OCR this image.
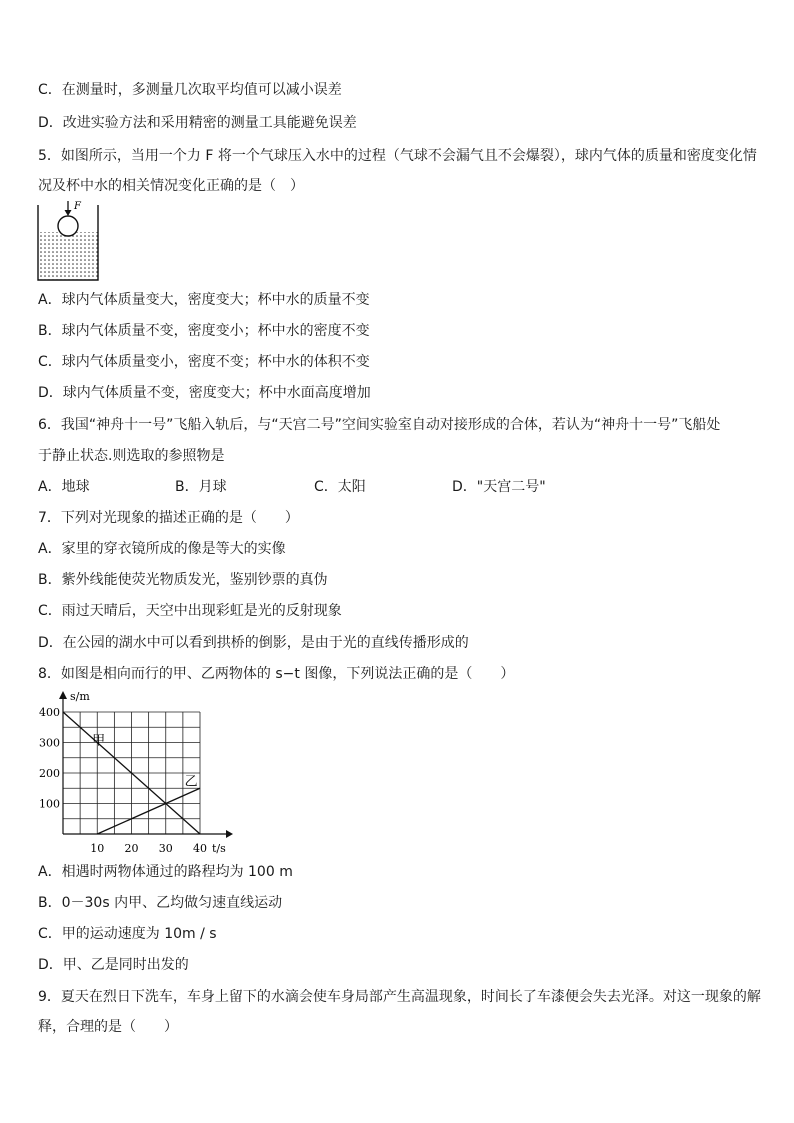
C．在测量时，多测量几次取平均值可以减小误差
D．改进实验方法和采用精密的测量工具能避免误差
5．如图所示，当用一个力 F 将一个气球压入水中的过程（气球不会漏气且不会爆裂），球内气体的质量和密度变化情
况及杯中水的相关情况变化正确的是（　）
F
A．球内气体质量变大，密度变大；杯中水的质量不变
B．球内气体质量不变，密度变小；杯中水的密度不变
C．球内气体质量变小，密度不变；杯中水的体积不变
D．球内气体质量不变，密度变大；杯中水面高度增加
6．我国“神舟十一号”飞船入轨后，与“天宫二号”空间实验室自动对接形成的合体，若认为“神舟十一号”飞船处
于静止状态.则选取的参照物是
A．地球	B．月球	C．太阳	D．"天宫二号"
7．下列对光现象的描述正确的是（　　）
A．家里的穿衣镜所成的像是等大的实像
B．紫外线能使荧光物质发光，鉴别钞票的真伪
C．雨过天晴后，天空中出现彩虹是光的反射现象
D．在公园的湖水中可以看到拱桥的倒影，是由于光的直线传播形成的
8．如图是相向而行的甲、乙两物体的 s−t 图像，下列说法正确的是（　　）
s/m
t/s
100
200
300
400
10 20 30 40
甲
乙
A．相遇时两物体通过的路程均为 100 m
B．0－30s 内甲、乙均做匀速直线运动
C．甲的运动速度为 10m / s
D．甲、乙是同时出发的
9．夏天在烈日下洗车，车身上留下的水滴会使车身局部产生高温现象，时间长了车漆便会失去光泽。对这一现象的解
释，合理的是（　　）
